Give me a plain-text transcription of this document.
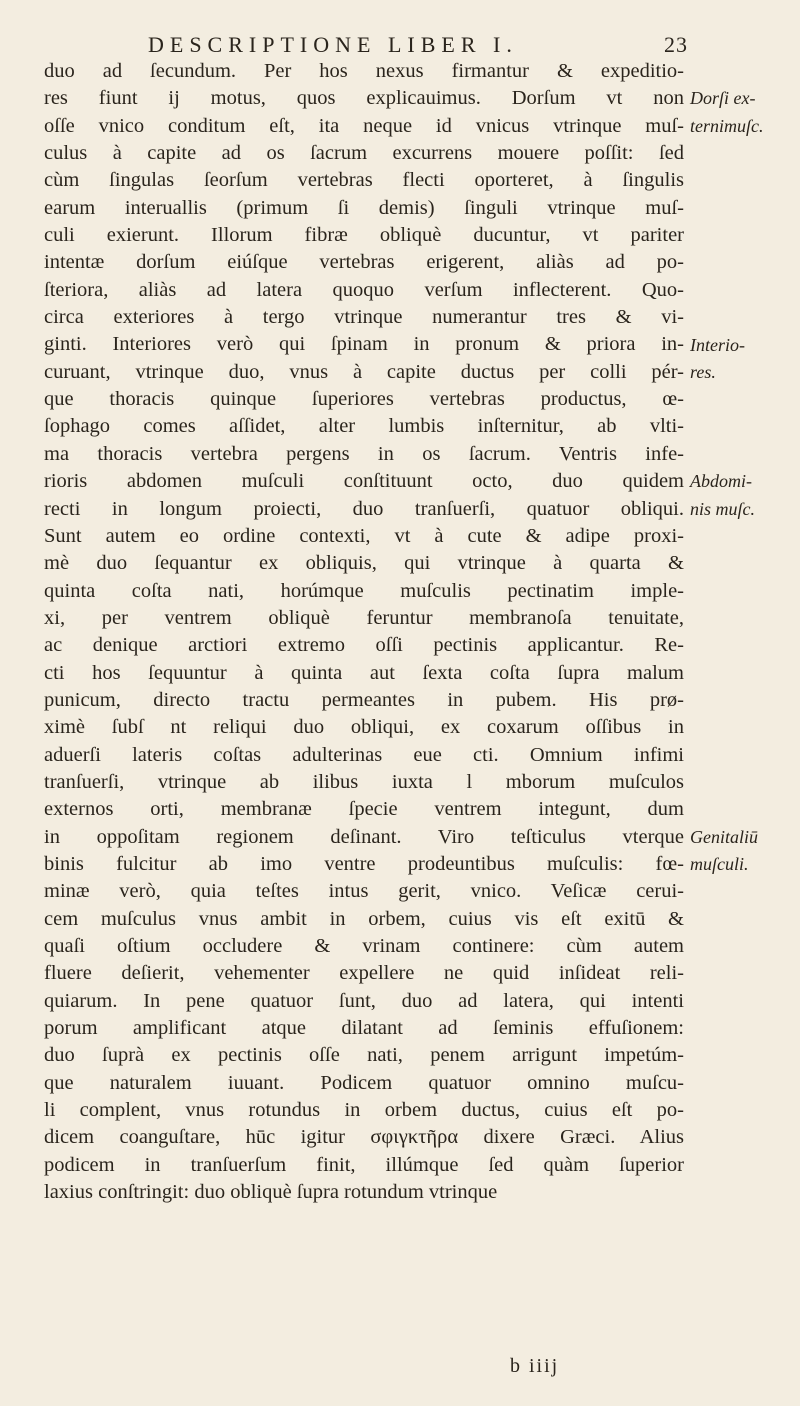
DESCRIPTIONE LIBER I.	23
duo ad ſecundum. Per hos nexus firmantur & expeditio-
res fiunt ij motus, quos explicauimus. Dorſum vt non
oſſe vnico conditum eſt, ita neque id vnicus vtrinque muſ-
culus à capite ad os ſacrum excurrens mouere poſſit: ſed
cùm ſingulas ſeorſum vertebras flecti oporteret, à ſingulis
earum interuallis (primum ſi demis) ſinguli vtrinque muſ-
culi exierunt. Illorum fibræ obliquè ducuntur, vt pariter
intentæ dorſum eiúſque vertebras erigerent, aliàs ad po-
ſteriora, aliàs ad latera quoquo verſum inflecterent. Quo-
circa exteriores à tergo vtrinque numerantur tres & vi-
ginti. Interiores verò qui ſpinam in pronum & priora in-
curuant, vtrinque duo, vnus à capite ductus per colli pér-
que thoracis quinque ſuperiores vertebras productus, œ-
ſophago comes aſſidet, alter lumbis inſternitur, ab vlti-
ma thoracis vertebra pergens in os ſacrum. Ventris infe-
rioris abdomen muſculi conſtituunt octo, duo quidem
recti in longum proiecti, duo tranſuerſi, quatuor obliqui.
Sunt autem eo ordine contexti, vt à cute & adipe proxi-
mè duo ſequantur ex obliquis, qui vtrinque à quarta &
quinta coſta nati, horúmque muſculis pectinatim imple-
xi, per ventrem obliquè feruntur membranoſa tenuitate,
ac denique arctiori extremo oſſi pectinis applicantur. Re-
cti hos ſequuntur à quinta aut ſexta coſta ſupra malum
punicum, directo tractu permeantes in pubem. His prø-
ximè ſubſ nt reliqui duo obliqui, ex coxarum oſſibus in
aduerſi lateris coſtas adulterinas eue cti. Omnium infimi
tranſuerſi, vtrinque ab ilibus iuxta l mborum muſculos
externos orti, membranæ ſpecie ventrem integunt, dum
in oppoſitam regionem deſinant. Viro teſticulus vterque
binis fulcitur ab imo ventre prodeuntibus muſculis: fœ-
minæ verò, quia teſtes intus gerit, vnico. Veſicæ cerui-
cem muſculus vnus ambit in orbem, cuius vis eſt exitū &
quaſi oſtium occludere & vrinam continere: cùm autem
fluere deſierit, vehementer expellere ne quid inſideat reli-
quiarum. In pene quatuor ſunt, duo ad latera, qui intenti
porum amplificant atque dilatant ad ſeminis effuſionem:
duo ſuprà ex pectinis oſſe nati, penem arrigunt impetúm-
que naturalem iuuant. Podicem quatuor omnino muſcu-
li complent, vnus rotundus in orbem ductus, cuius eſt po-
dicem coanguſtare, hūc igitur σφιγκτῆρα dixere Græci. Alius
podicem in tranſuerſum finit, illúmque ſed quàm ſuperior
laxius conſtringit: duo obliquè ſupra rotundum vtrinque
Dorſi ex-
ternimuſc.
Interio-
res.
Abdomi-
nis muſc.
Genitaliū
muſculi.
b iiij
